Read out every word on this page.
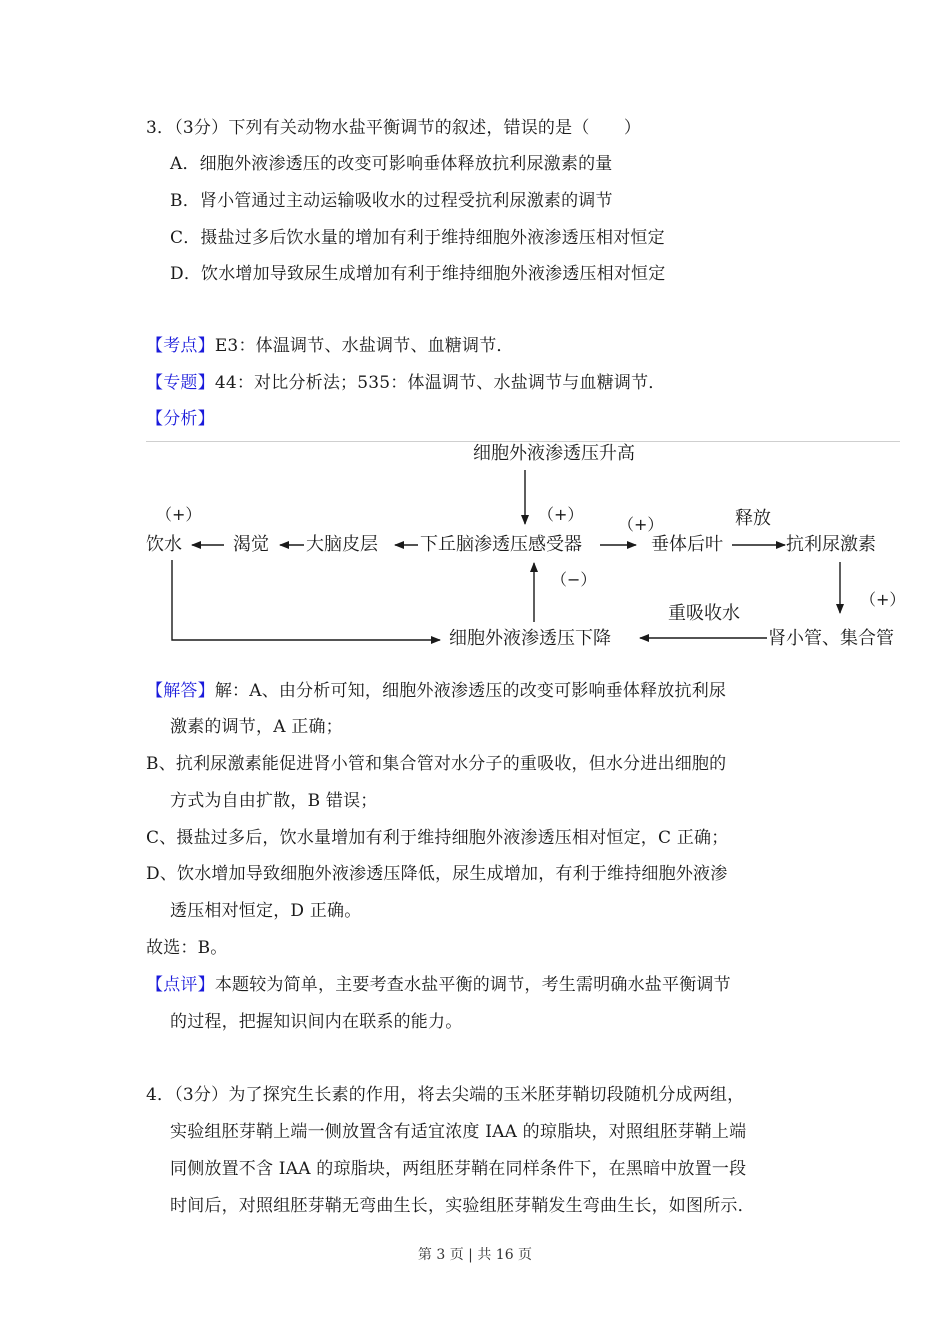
3．（3分）下列有关动物水盐平衡调节的叙述，错误的是（　　）
A．细胞外液渗透压的改变可影响垂体释放抗利尿激素的量
B．肾小管通过主动运输吸收水的过程受抗利尿激素的调节
C．摄盐过多后饮水量的增加有利于维持细胞外液渗透压相对恒定
D．饮水增加导致尿生成增加有利于维持细胞外液渗透压相对恒定
【考点】E3：体温调节、水盐调节、血糖调节．
【专题】44：对比分析法；535：体温调节、水盐调节与血糖调节．
【分析】
细胞外液渗透压升高
（+）
（+）
（+）	释放
饮水	渴觉 大脑皮层 下丘脑渗透压感受器	垂体后叶	抗利尿激素
（−）
（+）
重吸收水
细胞外液渗透压下降	肾小管、集合管
【解答】解：A、由分析可知，细胞外液渗透压的改变可影响垂体释放抗利尿
激素的调节，A 正确；
B、抗利尿激素能促进肾小管和集合管对水分子的重吸收，但水分进出细胞的
方式为自由扩散，B 错误；
C、摄盐过多后，饮水量增加有利于维持细胞外液渗透压相对恒定，C 正确；
D、饮水增加导致细胞外液渗透压降低，尿生成增加，有利于维持细胞外液渗
透压相对恒定，D 正确。
故选：B。
【点评】本题较为简单，主要考查水盐平衡的调节，考生需明确水盐平衡调节
的过程，把握知识间内在联系的能力。
4．（3分）为了探究生长素的作用，将去尖端的玉米胚芽鞘切段随机分成两组，
实验组胚芽鞘上端一侧放置含有适宜浓度 IAA 的琼脂块，对照组胚芽鞘上端
同侧放置不含 IAA 的琼脂块，两组胚芽鞘在同样条件下，在黑暗中放置一段
时间后，对照组胚芽鞘无弯曲生长，实验组胚芽鞘发生弯曲生长，如图所示．
第 3 页 | 共 16 页
